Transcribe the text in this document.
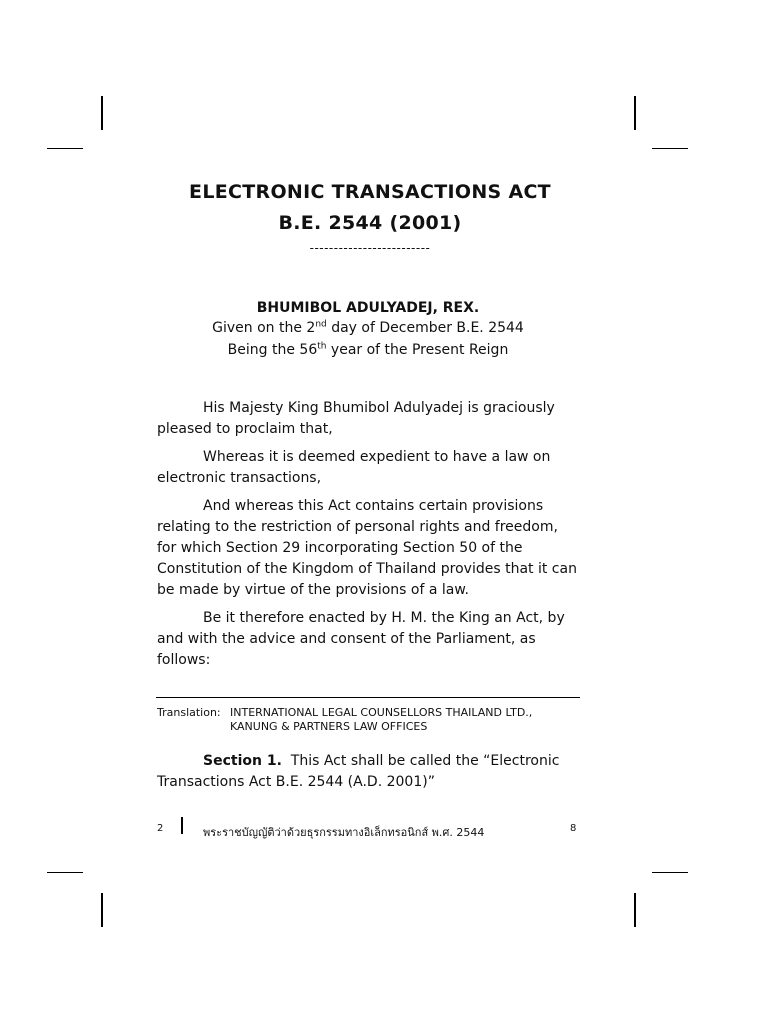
ELECTRONIC TRANSACTIONS ACT
B.E. 2544 (2001)
-------------------------
BHUMIBOL ADULYADEJ, REX.
Given on the 2nd day of December B.E. 2544
Being the 56th year of the Present Reign

His Majesty King Bhumibol Adulyadej is graciously pleased to proclaim that,

Whereas it is deemed expedient to have a law on electronic transactions,

And whereas this Act contains certain provisions relating to the restriction of personal rights and freedom, for which Section 29 incorporating Section 50 of the Constitution of the Kingdom of Thailand provides that it can be made by virtue of the provisions of a law.

Be it therefore enacted by H. M. the King an Act, by and with the advice and consent of the Parliament, as follows:

Translation: INTERNATIONAL LEGAL COUNSELLORS THAILAND LTD.,
KANUNG & PARTNERS LAW OFFICES
Section 1. This Act shall be called the “Electronic Transactions Act B.E. 2544 (A.D. 2001)”
2	พระราชบัญญัติว่าด้วยธุรกรรมทางอิเล็กทรอนิกส์ พ.ศ. 2544	8
